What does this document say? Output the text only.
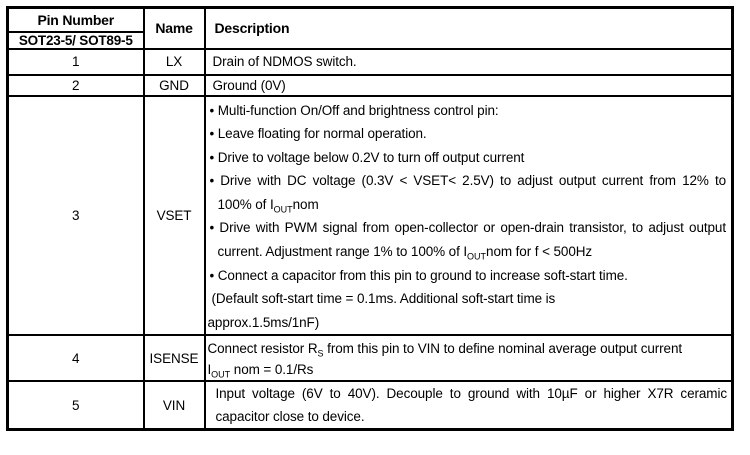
Pin Number	Name	Description
SOT23-5/ SOT89-5		
1	LX	Drain of NDMOS switch.

2	GND	Ground (0V)

3	VSET	
• Multi-function On/Off and brightness control pin:
• Leave floating for normal operation.
• Drive to voltage below 0.2V to turn off output current
• Drive with DC voltage (0.3V < VSET< 2.5V) to adjust output current from 12% to
100% of $I_{OUT}nom$
• Drive with PWM signal from open-collector or open-drain transistor, to adjust output
current. Adjustment range 1% to 100% of $I_{OUT}nom$ for f < 500Hz
• Connect a capacitor from this pin to ground to increase soft-start time.
(Default soft-start time = 0.1ms. Additional soft-start time is
approx.1.5ms/1nF)

4	ISENSE	Connect resistor $R_S$ from this pin to VIN to define nominal average output current
$I_{OUT}$ nom = 0.1/Rs

5	VIN	Input voltage (6V to 40V). Decouple to ground with 10µF or higher X7R ceramic
capacitor close to device.
